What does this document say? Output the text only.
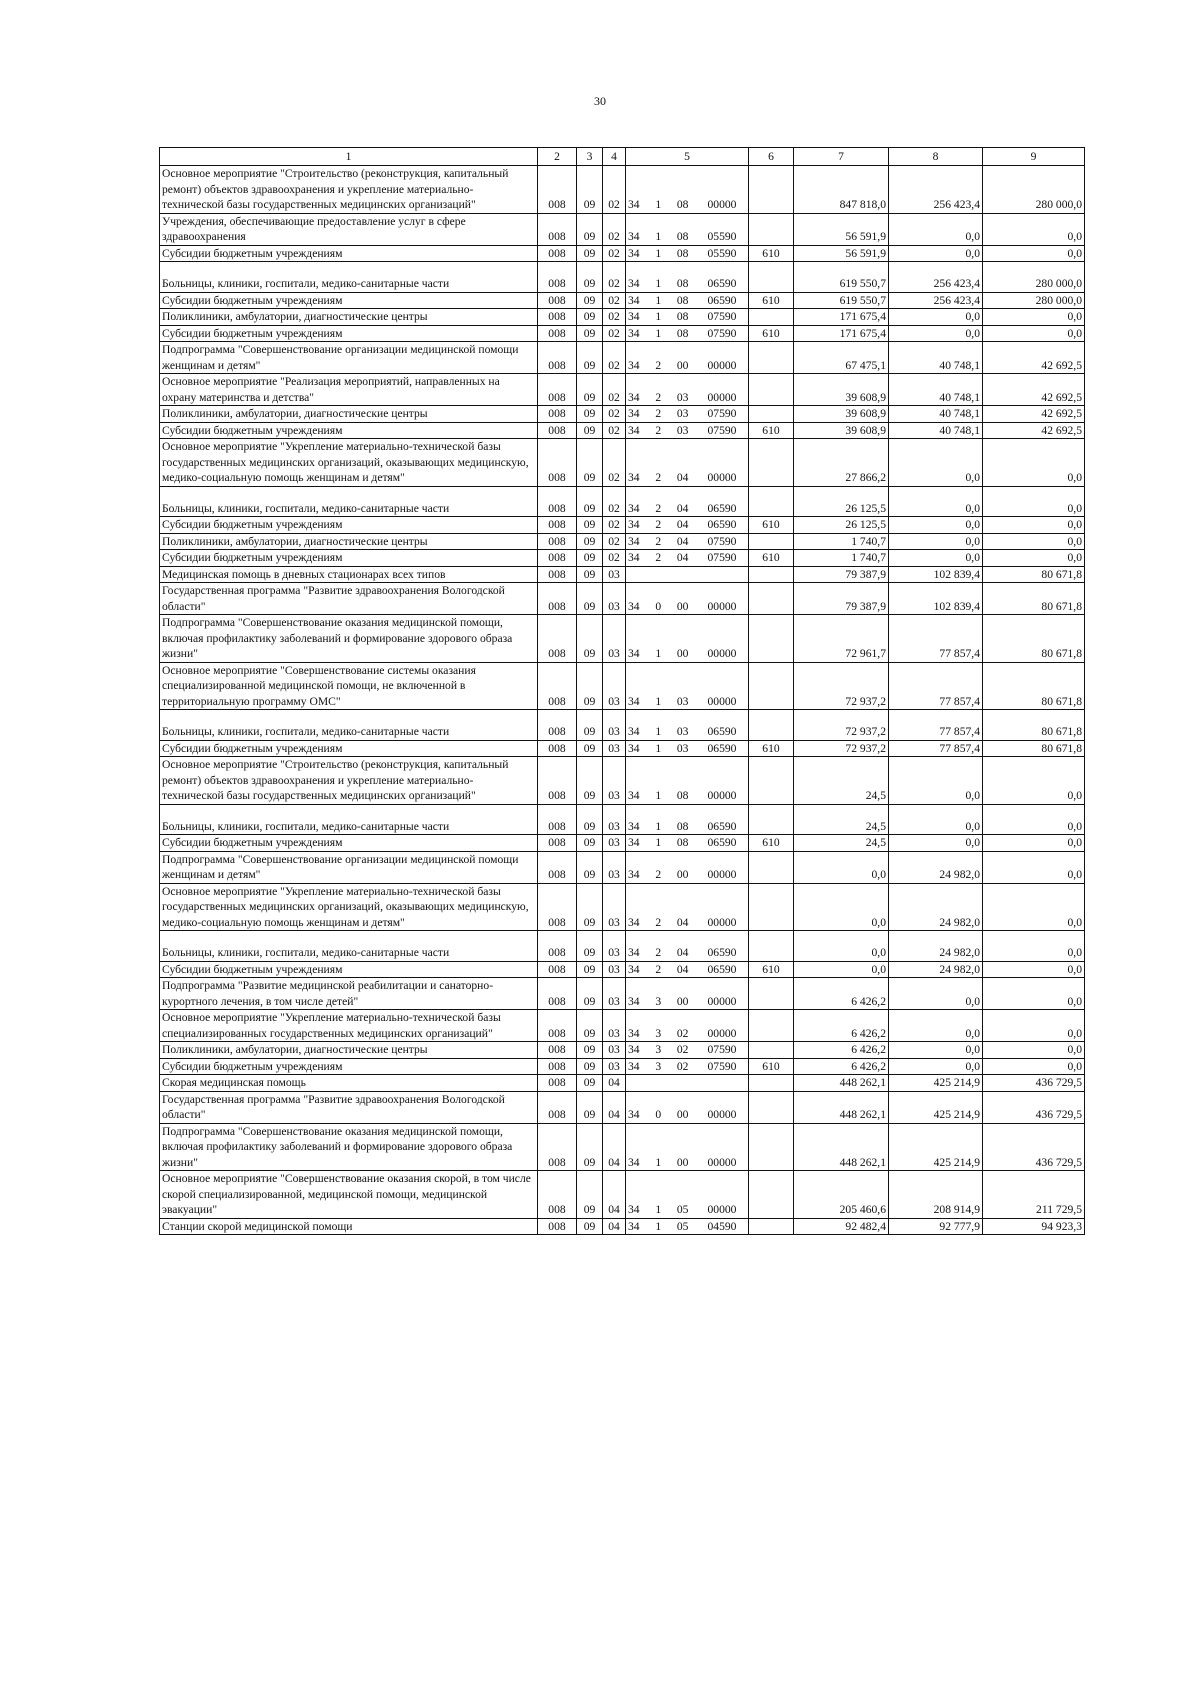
30
1	2	3	4	5	6	7	8	9
Основное мероприятие "Строительство (реконструкция, капитальный ремонт) объектов здравоохранения и укрепление материально-технической базы государственных медицинских организаций"	008	09	02	34 1 08 00000		847 818,0	256 423,4	280 000,0
Учреждения, обеспечивающие предоставление услуг в сфере здравоохранения	008	09	02	34 1 08 05590		56 591,9	0,0	0,0
Субсидии бюджетным учреждениям	008	09	02	34 1 08 05590	610	56 591,9	0,0	0,0

Больницы, клиники, госпитали, медико-санитарные части	008	09	02	34 1 08 06590		619 550,7	256 423,4	280 000,0
Субсидии бюджетным учреждениям	008	09	02	34 1 08 06590	610	619 550,7	256 423,4	280 000,0
Поликлиники, амбулатории, диагностические центры	008	09	02	34 1 08 07590		171 675,4	0,0	0,0
Субсидии бюджетным учреждениям	008	09	02	34 1 08 07590	610	171 675,4	0,0	0,0
Подпрограмма "Совершенствование организации медицинской помощи женщинам и детям"	008	09	02	34 2 00 00000		67 475,1	40 748,1	42 692,5
Основное мероприятие "Реализация мероприятий, направленных на охрану материнства и детства"	008	09	02	34 2 03 00000		39 608,9	40 748,1	42 692,5
Поликлиники, амбулатории, диагностические центры	008	09	02	34 2 03 07590		39 608,9	40 748,1	42 692,5
Субсидии бюджетным учреждениям	008	09	02	34 2 03 07590	610	39 608,9	40 748,1	42 692,5
Основное мероприятие "Укрепление материально-технической базы государственных медицинских организаций, оказывающих медицинскую, медико-социальную помощь женщинам и детям"	008	09	02	34 2 04 00000		27 866,2	0,0	0,0

Больницы, клиники, госпитали, медико-санитарные части	008	09	02	34 2 04 06590		26 125,5	0,0	0,0
Субсидии бюджетным учреждениям	008	09	02	34 2 04 06590	610	26 125,5	0,0	0,0
Поликлиники, амбулатории, диагностические центры	008	09	02	34 2 04 07590		1 740,7	0,0	0,0
Субсидии бюджетным учреждениям	008	09	02	34 2 04 07590	610	1 740,7	0,0	0,0
Медицинская помощь в дневных стационарах всех типов	008	09	03			79 387,9	102 839,4	80 671,8
Государственная программа "Развитие здравоохранения Вологодской области"	008	09	03	34 0 00 00000		79 387,9	102 839,4	80 671,8
Подпрограмма "Совершенствование оказания медицинской помощи, включая профилактику заболеваний и формирование здорового образа жизни"	008	09	03	34 1 00 00000		72 961,7	77 857,4	80 671,8
Основное мероприятие "Совершенствование системы оказания специализированной медицинской помощи, не включенной в территориальную программу ОМС"	008	09	03	34 1 03 00000		72 937,2	77 857,4	80 671,8

Больницы, клиники, госпитали, медико-санитарные части	008	09	03	34 1 03 06590		72 937,2	77 857,4	80 671,8
Субсидии бюджетным учреждениям	008	09	03	34 1 03 06590	610	72 937,2	77 857,4	80 671,8
Основное мероприятие "Строительство (реконструкция, капитальный ремонт) объектов здравоохранения и укрепление материально-технической базы государственных медицинских организаций"	008	09	03	34 1 08 00000		24,5	0,0	0,0

Больницы, клиники, госпитали, медико-санитарные части	008	09	03	34 1 08 06590		24,5	0,0	0,0
Субсидии бюджетным учреждениям	008	09	03	34 1 08 06590	610	24,5	0,0	0,0
Подпрограмма "Совершенствование организации медицинской помощи женщинам и детям"	008	09	03	34 2 00 00000		0,0	24 982,0	0,0
Основное мероприятие "Укрепление материально-технической базы государственных медицинских организаций, оказывающих медицинскую, медико-социальную помощь женщинам и детям"	008	09	03	34 2 04 00000		0,0	24 982,0	0,0

Больницы, клиники, госпитали, медико-санитарные части	008	09	03	34 2 04 06590		0,0	24 982,0	0,0
Субсидии бюджетным учреждениям	008	09	03	34 2 04 06590	610	0,0	24 982,0	0,0
Подпрограмма "Развитие медицинской реабилитации и санаторно-курортного лечения, в том числе детей"	008	09	03	34 3 00 00000		6 426,2	0,0	0,0
Основное мероприятие "Укрепление материально-технической базы специализированных государственных медицинских организаций"	008	09	03	34 3 02 00000		6 426,2	0,0	0,0
Поликлиники, амбулатории, диагностические центры	008	09	03	34 3 02 07590		6 426,2	0,0	0,0
Субсидии бюджетным учреждениям	008	09	03	34 3 02 07590	610	6 426,2	0,0	0,0
Скорая медицинская помощь	008	09	04			448 262,1	425 214,9	436 729,5
Государственная программа "Развитие здравоохранения Вологодской области"	008	09	04	34 0 00 00000		448 262,1	425 214,9	436 729,5
Подпрограмма "Совершенствование оказания медицинской помощи, включая профилактику заболеваний и формирование здорового образа жизни"	008	09	04	34 1 00 00000		448 262,1	425 214,9	436 729,5
Основное мероприятие "Совершенствование оказания скорой, в том числе скорой специализированной, медицинской помощи, медицинской эвакуации"	008	09	04	34 1 05 00000		205 460,6	208 914,9	211 729,5
Станции скорой медицинской помощи	008	09	04	34 1 05 04590		92 482,4	92 777,9	94 923,3
